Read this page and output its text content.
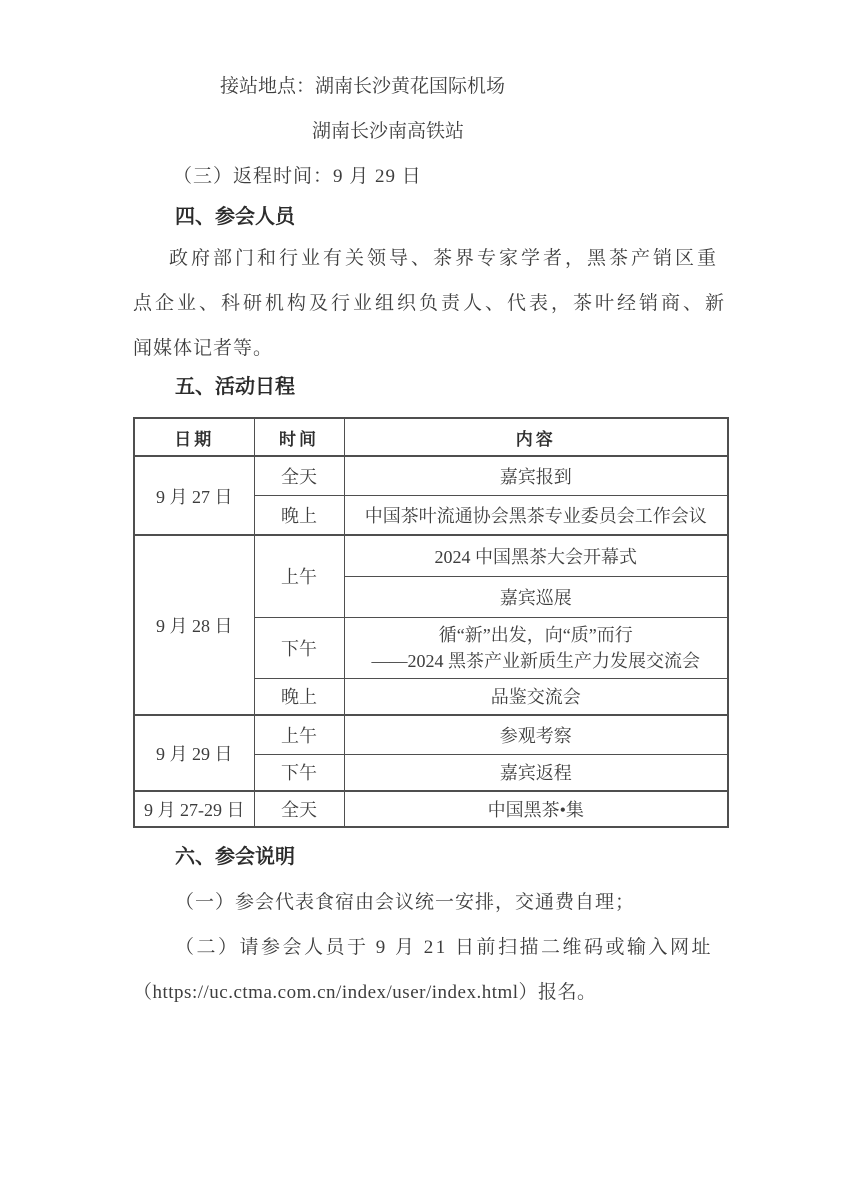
接站地点：湖南长沙黄花国际机场
湖南长沙南高铁站
（三）返程时间：9 月 29 日
四、参会人员
政府部门和行业有关领导、茶界专家学者，黑茶产销区重
点企业、科研机构及行业组织负责人、代表，茶叶经销商、新
闻媒体记者等。
五、活动日程
日期	时间	内容
9 月 27 日	全天	嘉宾报到
	晚上	中国茶叶流通协会黑茶专业委员会工作会议
9 月 28 日	上午	2024 中国黑茶大会开幕式
		嘉宾巡展
	下午	循“新”出发，向“质”而行
——2024 黑茶产业新质生产力发展交流会

	晚上	品鉴交流会
9 月 29 日	上午	参观考察
	下午	嘉宾返程
9 月 27-29 日	全天	中国黑茶•集
六、参会说明
（一）参会代表食宿由会议统一安排，交通费自理；
（二）请参会人员于 9 月 21 日前扫描二维码或输入网址
（https://uc.ctma.com.cn/index/user/index.html）报名。
